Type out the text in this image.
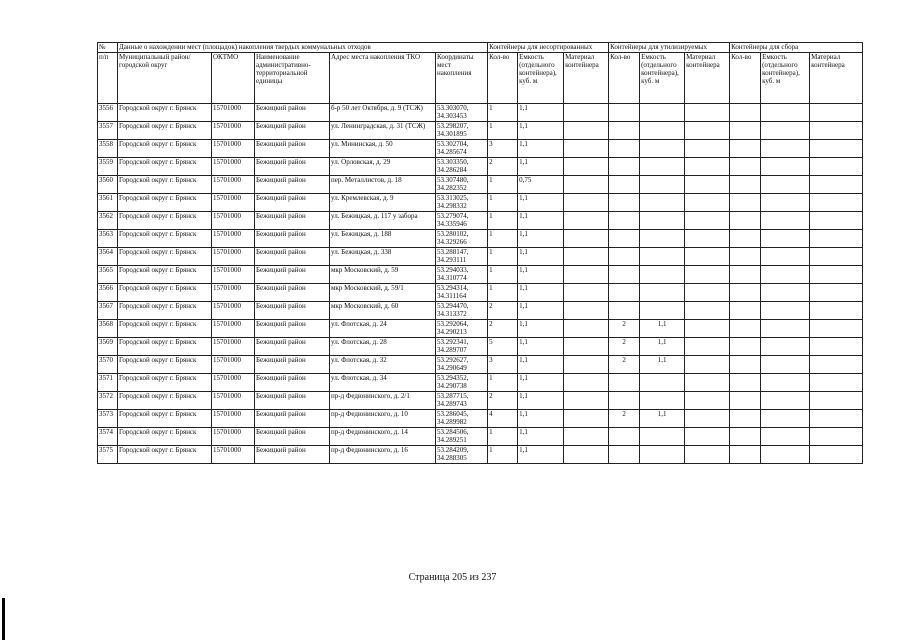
№	Данные о нахождении мест (площадок) накопления твердых коммунальных отходов					Контейнеры для несортированных			Контейнеры для утилизируемых			Контейнеры для сбора		
п/п	Муниципальный район/городской округ	ОКТМО	Наименование административно-территориальной единицы	Адрес места накопления ТКО	Координаты мест накопления	Кол-во	Емкость (отдельного контейнера), куб. м	Материал контейнера	Кол-во	Емкость (отдельного контейнера), куб. м	Материал контейнера	Кол-во	Емкость (отдельного контейнера), куб. м	Материал контейнера
3556	Городской округ г. Брянск	15701000	Бежицкий район	б-р 50 лет Октября, д. 9 (ТСЖ)	53.303070, 34.303453	1	1,1							
3557	Городской округ г. Брянск	15701000	Бежицкий район	ул. Ленинградская, д. 31 (ТСЖ)	53.298207, 34.301895	1	1,1							
3558	Городской округ г. Брянск	15701000	Бежицкий район	ул. Мининская, д. 50	53.302704, 34.285674	3	1,1							
3559	Городской округ г. Брянск	15701000	Бежицкий район	ул. Орловская, д. 29	53.303350, 34.286284	2	1,1							
3560	Городской округ г. Брянск	15701000	Бежицкий район	пер. Металлистов, д. 18	53.307480, 34.282352	1	0,75							
3561	Городской округ г. Брянск	15701000	Бежицкий район	ул. Кремлевская, д. 9	53.313025, 34.298332	1	1,1							
3562	Городской округ г. Брянск	15701000	Бежицкий район	ул. Бежицкая, д. 117 у забора	53.279074, 34.335946	1	1,1							
3563	Городской округ г. Брянск	15701000	Бежицкий район	ул. Бежицкая, д. 188	53.280102, 34.329266	1	1,1							
3564	Городской округ г. Брянск	15701000	Бежицкий район	ул. Бежицкая, д. 338	53.288147, 34.293111	1	1,1							
3565	Городской округ г. Брянск	15701000	Бежицкий район	мкр Московский, д. 59	53.294033, 34.310774	1	1,1							
3566	Городской округ г. Брянск	15701000	Бежицкий район	мкр Московский, д. 59/1	53.294314, 34.311164	1	1,1							
3567	Городской округ г. Брянск	15701000	Бежицкий район	мкр Московский, д. 60	53.294470, 34.313372	2	1,1							
3568	Городской округ г. Брянск	15701000	Бежицкий район	ул. Флотская, д. 24	53.292064, 34.290213	2	1,1		2	1,1				
3569	Городской округ г. Брянск	15701000	Бежицкий район	ул. Флотская, д. 28	53.292341, 34.289707	5	1,1		2	1,1				
3570	Городской округ г. Брянск	15701000	Бежицкий район	ул. Флотская, д. 32	53.292627, 34.290649	3	1,1		2	1,1				
3571	Городской округ г. Брянск	15701000	Бежицкий район	ул. Флотская, д. 34	53.294352, 34.290738	1	1,1							
3572	Городской округ г. Брянск	15701000	Бежицкий район	пр-д Федюнинского, д. 2/1	53.287715, 34.289743	2	1,1							
3573	Городской округ г. Брянск	15701000	Бежицкий район	пр-д Федюнинского, д. 10	53.286045, 34.289982	4	1,1		2	1,1				
3574	Городской округ г. Брянск	15701000	Бежицкий район	пр-д Федюнинского, д. 14	53.284506, 34.289251	1	1,1							
3575	Городской округ г. Брянск	15701000	Бежицкий район	пр-д Федюнинского, д. 16	53.284209, 34.288305	1	1,1							
Страница 205 из 237
